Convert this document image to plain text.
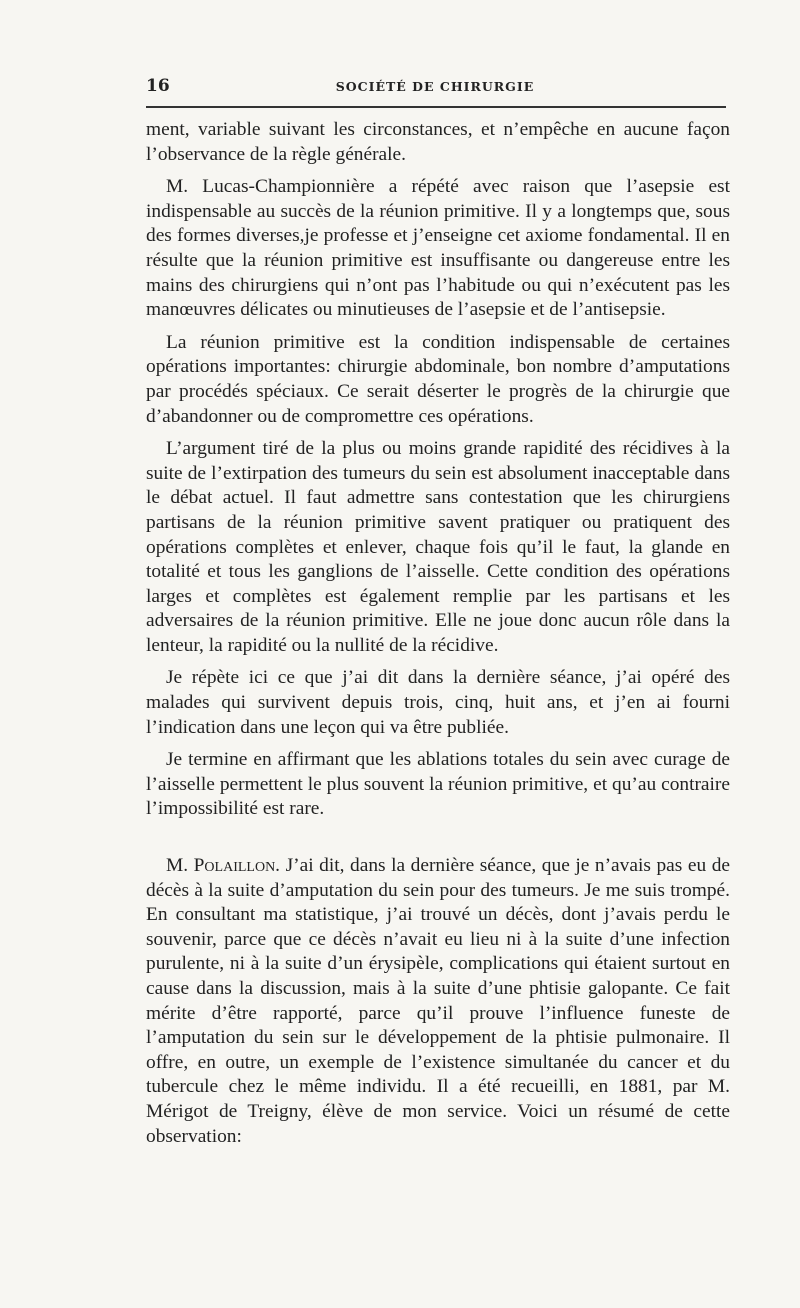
16	SOCIÉTÉ DE CHIRURGIE

ment, variable suivant les circonstances, et n’empêche en aucune façon l’observance de la règle générale.

M. Lucas-Championnière a répété avec raison que l’asepsie est indispensable au succès de la réunion primitive. Il y a longtemps que, sous des formes diverses,je professe et j’enseigne cet axiome fondamental. Il en résulte que la réunion primitive est insuffisante ou dangereuse entre les mains des chirurgiens qui n’ont pas l’habitude ou qui n’exécutent pas les manœuvres délicates ou minutieuses de l’asepsie et de l’antisepsie.

La réunion primitive est la condition indispensable de certaines opérations importantes: chirurgie abdominale, bon nombre d’amputations par procédés spéciaux. Ce serait déserter le progrès de la chirurgie que d’abandonner ou de compromettre ces opérations.

L’argument tiré de la plus ou moins grande rapidité des récidives à la suite de l’extirpation des tumeurs du sein est absolument inacceptable dans le débat actuel. Il faut admettre sans contestation que les chirurgiens partisans de la réunion primitive savent pratiquer ou pratiquent des opérations complètes et enlever, chaque fois qu’il le faut, la glande en totalité et tous les ganglions de l’aisselle. Cette condition des opérations larges et complètes est également remplie par les partisans et les adversaires de la réunion primitive. Elle ne joue donc aucun rôle dans la lenteur, la rapidité ou la nullité de la récidive.

Je répète ici ce que j’ai dit dans la dernière séance, j’ai opéré des malades qui survivent depuis trois, cinq, huit ans, et j’en ai fourni l’indication dans une leçon qui va être publiée.

Je termine en affirmant que les ablations totales du sein avec curage de l’aisselle permettent le plus souvent la réunion primitive, et qu’au contraire l’impossibilité est rare.

M. Polaillon. J’ai dit, dans la dernière séance, que je n’avais pas eu de décès à la suite d’amputation du sein pour des tumeurs. Je me suis trompé. En consultant ma statistique, j’ai trouvé un décès, dont j’avais perdu le souvenir, parce que ce décès n’avait eu lieu ni à la suite d’une infection purulente, ni à la suite d’un érysipèle, complications qui étaient surtout en cause dans la discussion, mais à la suite d’une phtisie galopante. Ce fait mérite d’être rapporté, parce qu’il prouve l’influence funeste de l’amputation du sein sur le développement de la phtisie pulmonaire. Il offre, en outre, un exemple de l’existence simultanée du cancer et du tubercule chez le même individu. Il a été recueilli, en 1881, par M. Mérigot de Treigny, élève de mon service. Voici un résumé de cette observation:
